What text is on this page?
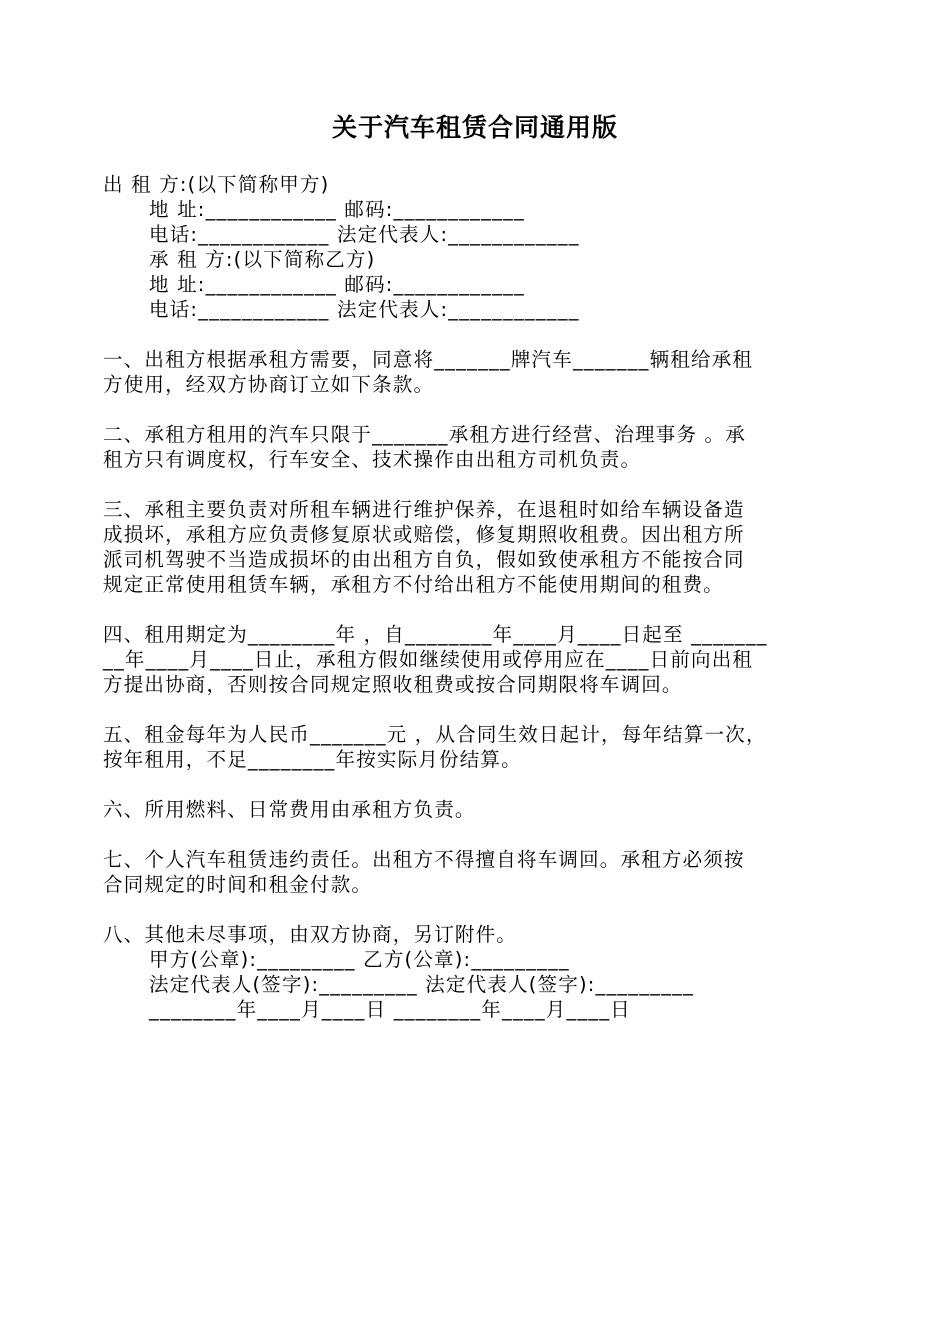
关于汽车租赁合同通用版
出 租 方:(以下简称甲方)
地 址:____________ 邮码:____________
电话:____________ 法定代表人:____________
承 租 方:(以下简称乙方)
地 址:____________ 邮码:____________
电话:____________ 法定代表人:____________
一、出租方根据承租方需要，同意将_______牌汽车_______辆租给承租
方使用，经双方协商订立如下条款。
二、承租方租用的汽车只限于_______承租方进行经营、治理事务 。承
租方只有调度权，行车安全、技术操作由出租方司机负责。
三、承租主要负责对所租车辆进行维护保养，在退租时如给车辆设备造
成损坏，承租方应负责修复原状或赔偿，修复期照收租费。因出租方所
派司机驾驶不当造成损坏的由出租方自负，假如致使承租方不能按合同
规定正常使用租赁车辆，承租方不付给出租方不能使用期间的租费。
四、租用期定为________年 ，自________年____月____日起至 _______
__年____月____日止，承租方假如继续使用或停用应在____日前向出租
方提出协商，否则按合同规定照收租费或按合同期限将车调回。
五、租金每年为人民币_______元 ，从合同生效日起计，每年结算一次，
按年租用，不足________年按实际月份结算。
六、所用燃料、日常费用由承租方负责。
七、个人汽车租赁违约责任。出租方不得擅自将车调回。承租方必须按
合同规定的时间和租金付款。
八、其他未尽事项，由双方协商，另订附件。
甲方(公章):_________ 乙方(公章):_________
法定代表人(签字):_________ 法定代表人(签字):_________
________年____月____日 ________年____月____日
